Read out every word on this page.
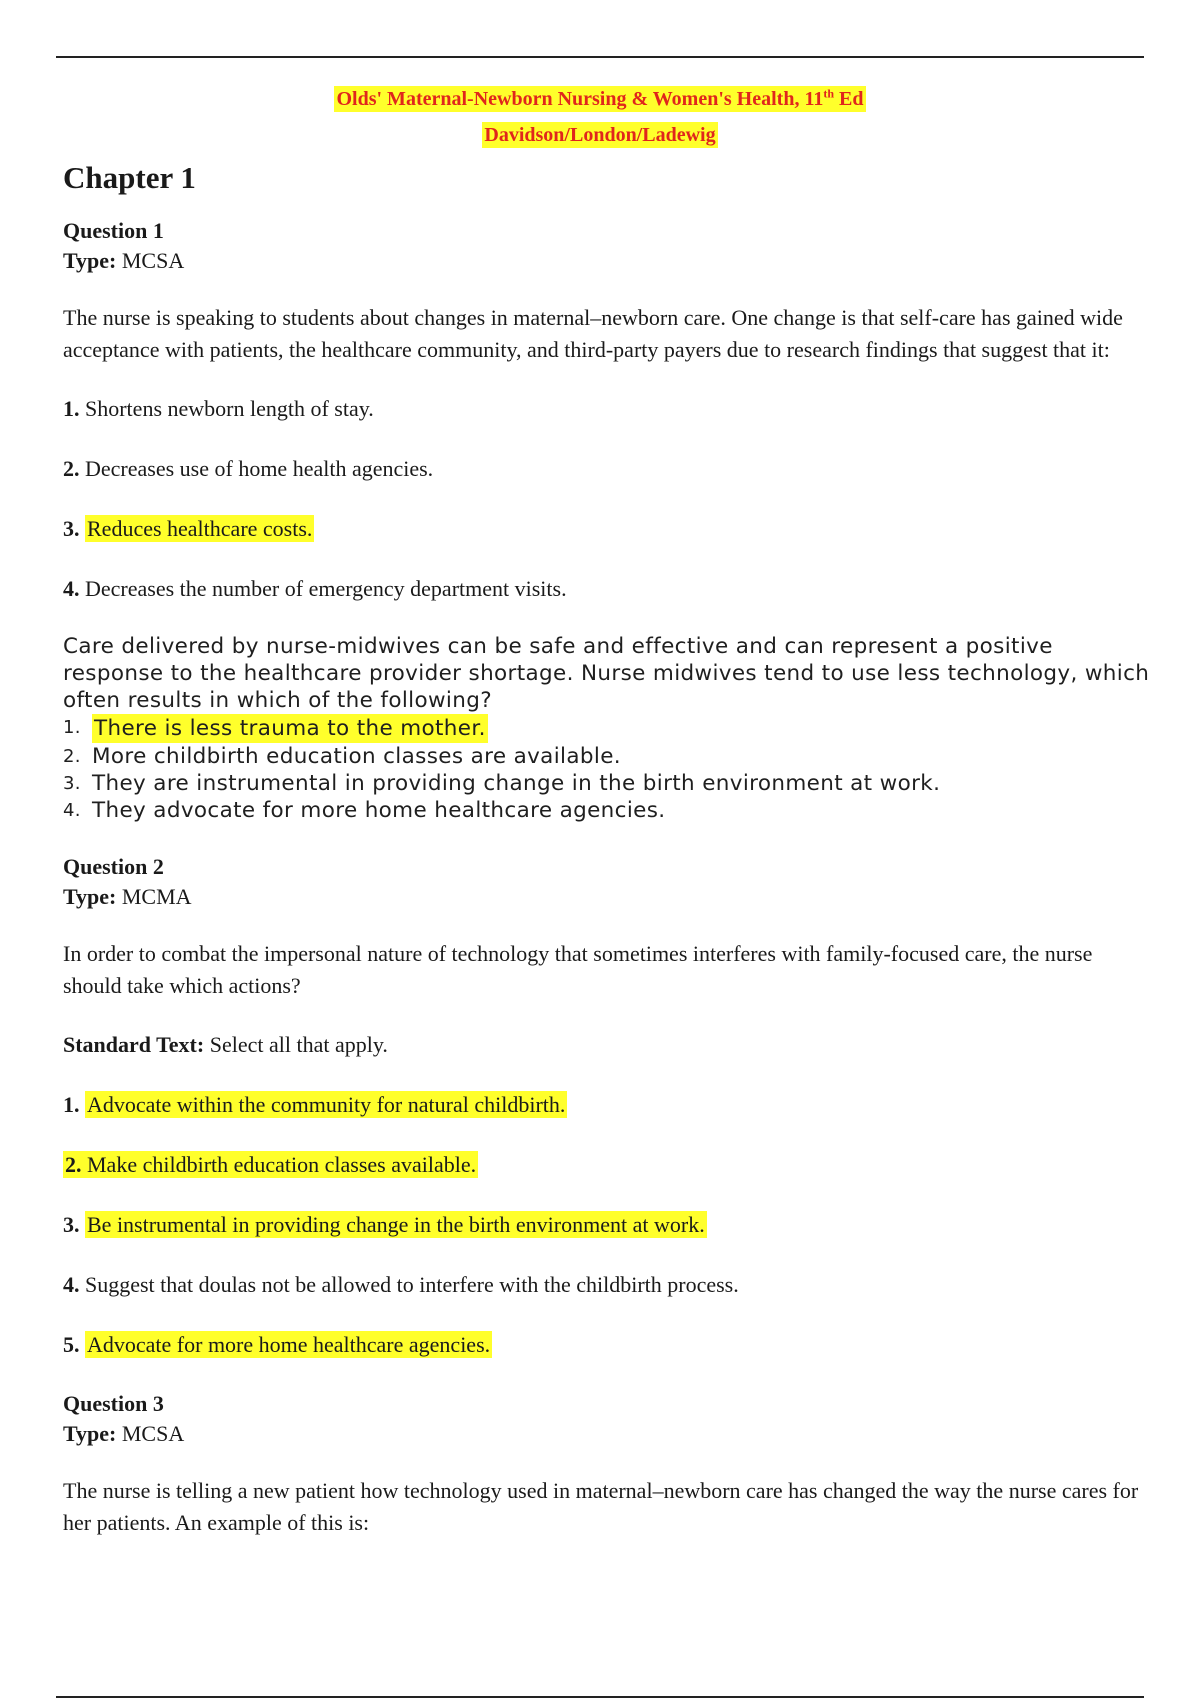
Olds' Maternal-Newborn Nursing & Women's Health, 11th Ed
Davidson/London/Ladewig
Chapter 1

Question 1

Type: MCSA

The nurse is speaking to students about changes in maternal–newborn care. One change is that self-care has gained wide acceptance with patients, the healthcare community, and third-party payers due to research findings that suggest that it:

1. Shortens newborn length of stay.

2. Decreases use of home health agencies.

3. Reduces healthcare costs.

4. Decreases the number of emergency department visits.

Care delivered by nurse-midwives can be safe and effective and can represent a positive response to the healthcare provider shortage. Nurse midwives tend to use less technology, which often results in which of the following?

1. There is less trauma to the mother.
2. More childbirth education classes are available.
3. They are instrumental in providing change in the birth environment at work.
4. They advocate for more home healthcare agencies.

Question 2

Type: MCMA

In order to combat the impersonal nature of technology that sometimes interferes with family-focused care, the nurse should take which actions?

Standard Text: Select all that apply.

1. Advocate within the community for natural childbirth.

2. Make childbirth education classes available.

3. Be instrumental in providing change in the birth environment at work.

4. Suggest that doulas not be allowed to interfere with the childbirth process.

5. Advocate for more home healthcare agencies.

Question 3

Type: MCSA

The nurse is telling a new patient how technology used in maternal–newborn care has changed the way the nurse cares for her patients. An example of this is:
